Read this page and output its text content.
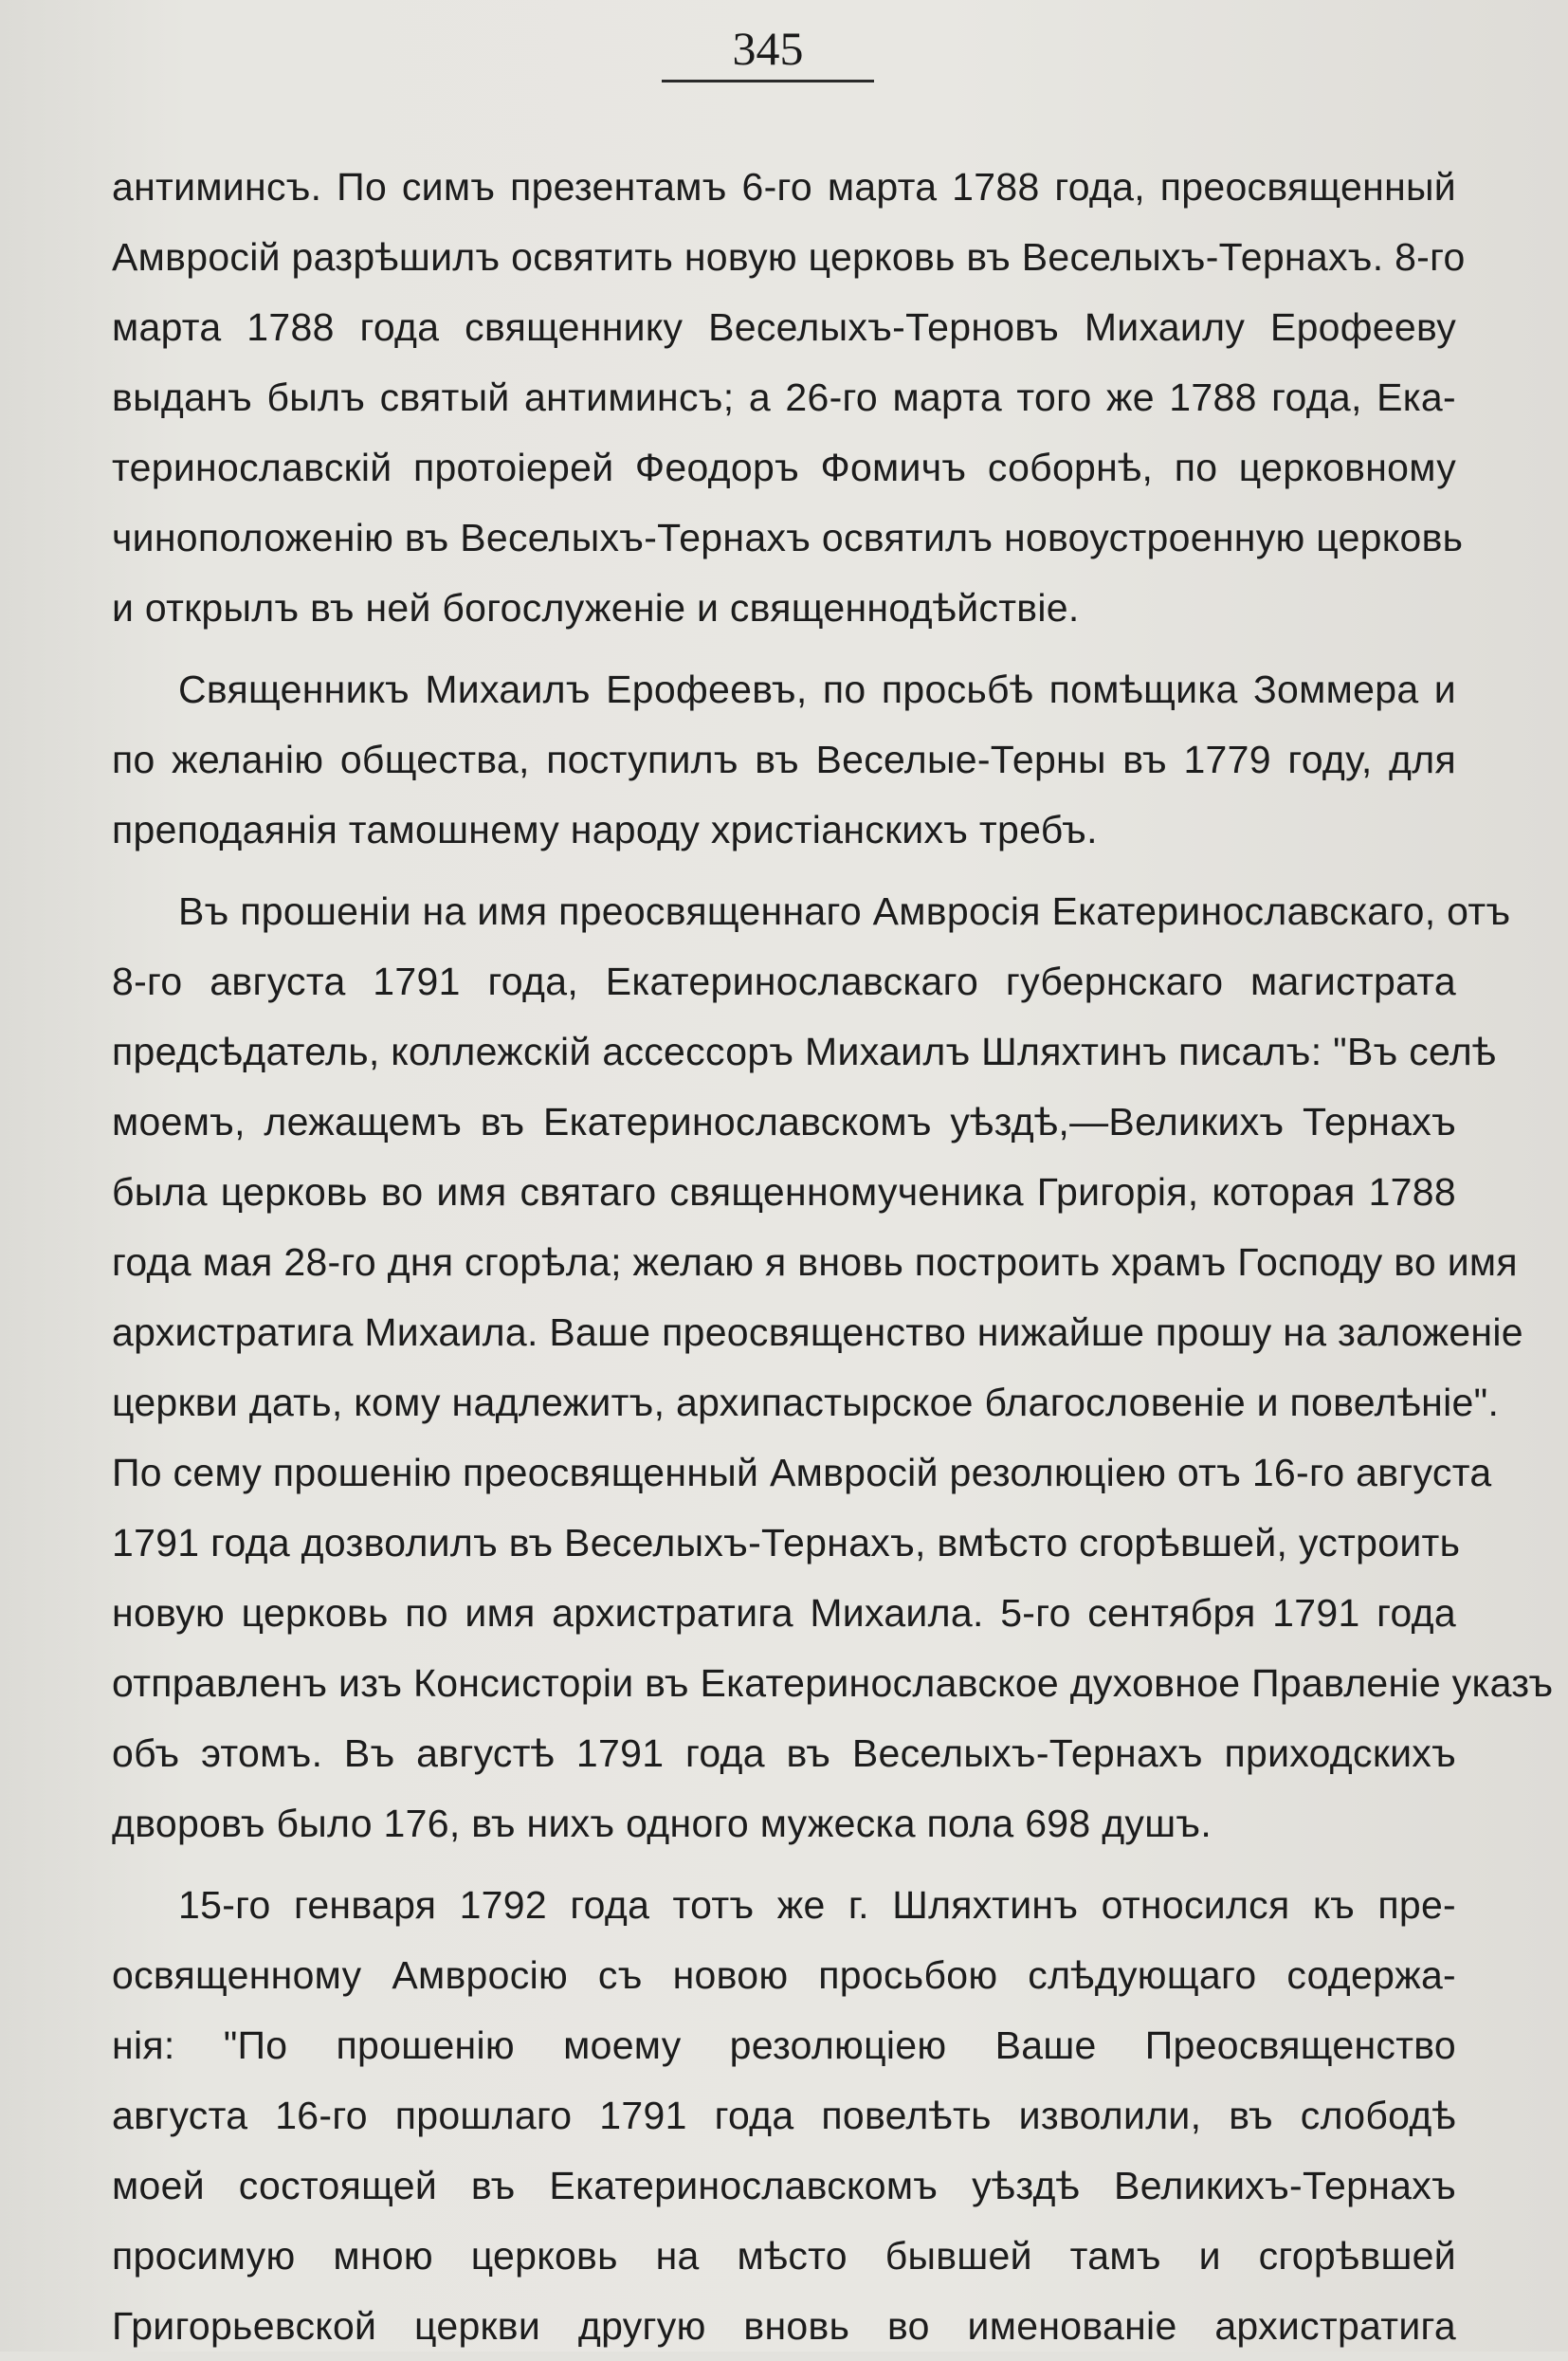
345
антиминсъ. По симъ презентамъ 6-го марта 1788 года, преосвященный
Амвросій разрѣшилъ освятить новую церковь въ Веселыхъ-Тернахъ. 8-го
марта 1788 года священнику Веселыхъ-Терновъ Михаилу Ерофееву
выданъ былъ святый антиминсъ; а 26-го марта того же 1788 года, Ека-
теринославскій протоіерей Феодоръ Фомичъ соборнѣ, по церковному
чиноположенію въ Веселыхъ-Тернахъ освятилъ новоустроенную церковь
и открылъ въ ней богослуженіе и священнодѣйствіе.
Священникъ Михаилъ Ерофеевъ, по просьбѣ помѣщика Зоммера и
по желанію общества, поступилъ въ Веселые-Терны въ 1779 году, для
преподаянія тамошнему народу христіанскихъ требъ.
Въ прошеніи на имя преосвященнаго Амвросія Екатеринославскаго, отъ
8-го августа 1791 года, Екатеринославскаго губернскаго магистрата
предсѣдатель, коллежскій ассессоръ Михаилъ Шляхтинъ писалъ: "Въ селѣ
моемъ, лежащемъ въ Екатеринославскомъ уѣздѣ,—Великихъ Тернахъ
была церковь во имя святаго священномученика Григорія, которая 1788
года мая 28-го дня сгорѣла; желаю я вновь построить храмъ Господу во имя
архистратига Михаила. Ваше преосвященство нижайше прошу на заложеніе
церкви дать, кому надлежитъ, архипастырское благословеніе и повелѣніе".
По сему прошенію преосвященный Амвросій резолюціею отъ 16-го августа
1791 года дозволилъ въ Веселыхъ-Тернахъ, вмѣсто сгорѣвшей, устроить
новую церковь по имя архистратига Михаила. 5-го сентября 1791 года
отправленъ изъ Консисторіи въ Екатеринославское духовное Правленіе указъ
объ этомъ. Въ августѣ 1791 года въ Веселыхъ-Тернахъ приходскихъ
дворовъ было 176, въ нихъ одного мужеска пола 698 душъ.
15-го генваря 1792 года тотъ же г. Шляхтинъ относился къ пре-
освященному Амвросію съ новою просьбою слѣдующаго содержа-
нія: "По прошенію моему резолюціею Ваше Преосвященство
августа 16-го прошлаго 1791 года повелѣть изволили, въ слободѣ
моей состоящей въ Екатеринославскомъ уѣздѣ Великихъ-Тернахъ
просимую мною церковь на мѣсто бывшей тамъ и сгорѣвшей
Григорьевской церкви другую вновь во именованіе архистратига
